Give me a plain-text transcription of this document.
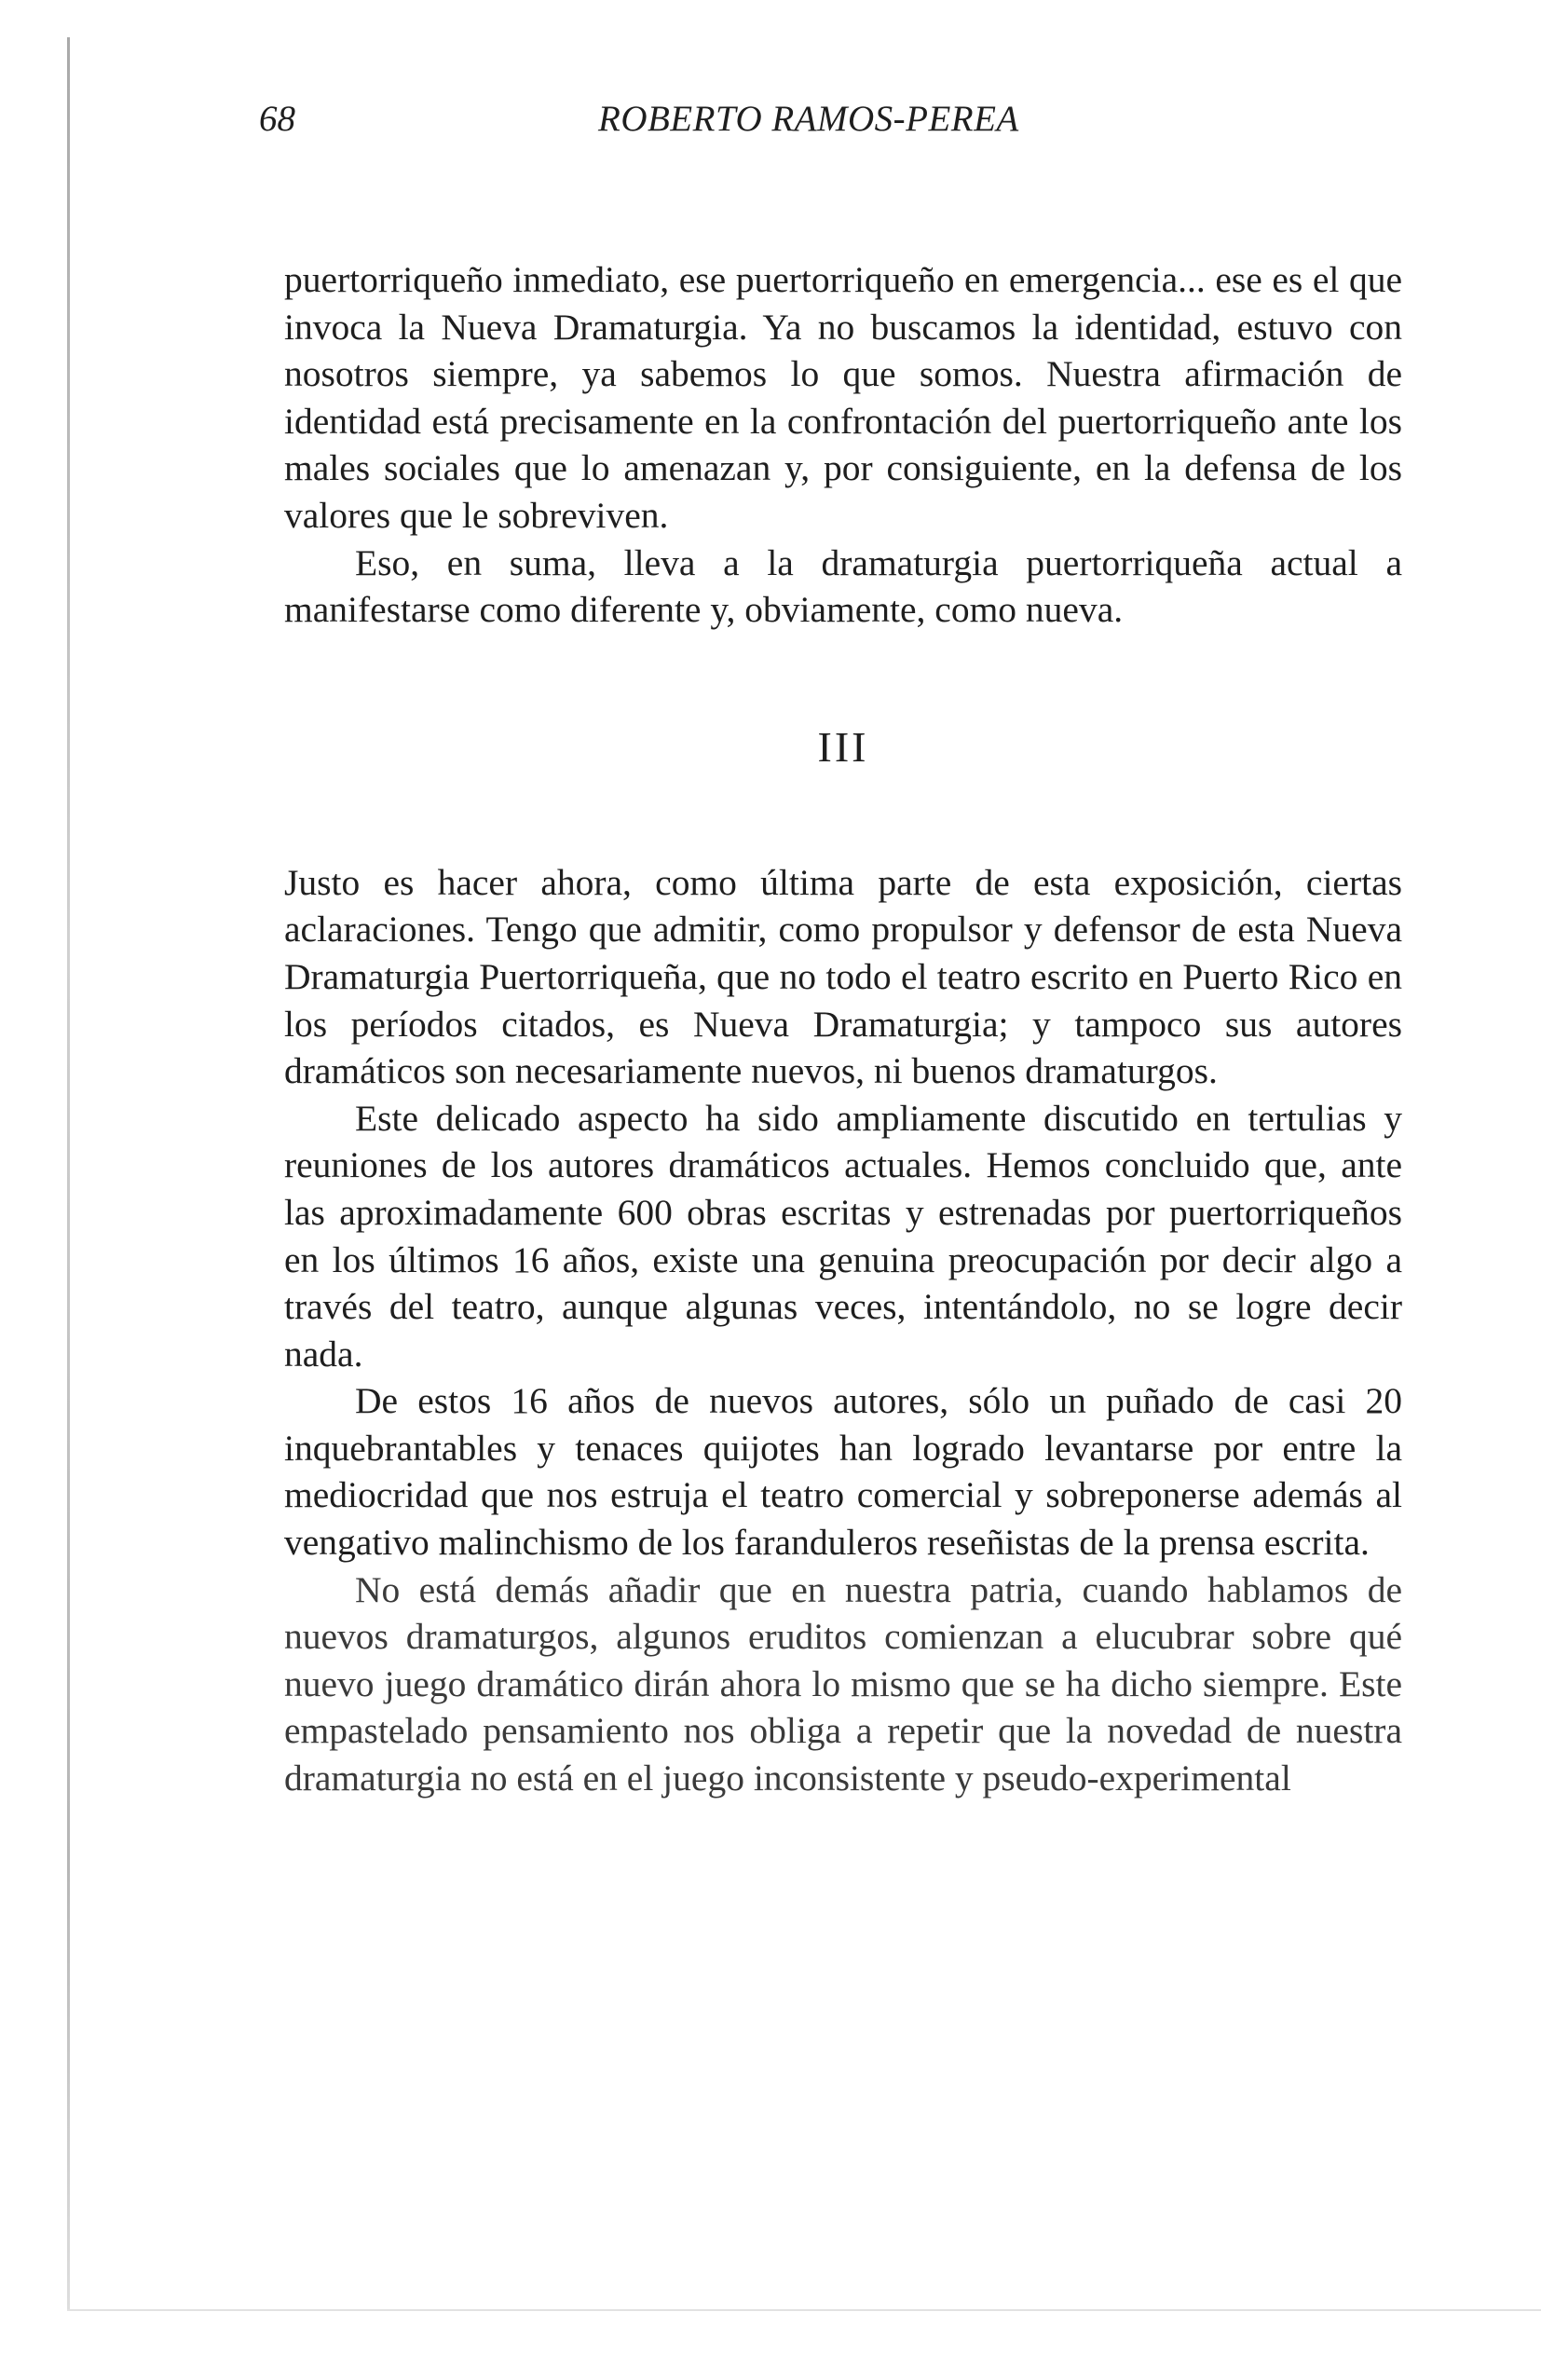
68	ROBERTO RAMOS-PEREA

puertorriqueño inmediato, ese puertorriqueño en emergencia... ese es el que invoca la Nueva Dramaturgia. Ya no buscamos la identidad, estuvo con nosotros siempre, ya sabemos lo que somos. Nuestra afirmación de identidad está precisamente en la confrontación del puertorriqueño ante los males sociales que lo amenazan y, por consiguiente, en la defensa de los valores que le sobreviven.

Eso, en suma, lleva a la dramaturgia puertorriqueña actual a manifestarse como diferente y, obviamente, como nueva.

III

Justo es hacer ahora, como última parte de esta exposición, ciertas aclaraciones. Tengo que admitir, como propulsor y defensor de esta Nueva Dramaturgia Puertorriqueña, que no todo el teatro escrito en Puerto Rico en los períodos citados, es Nueva Dramaturgia; y tampoco sus autores dramáticos son necesariamente nuevos, ni buenos dramaturgos.

Este delicado aspecto ha sido ampliamente discutido en tertulias y reuniones de los autores dramáticos actuales. Hemos concluido que, ante las aproximadamente 600 obras escritas y estrenadas por puertorriqueños en los últimos 16 años, existe una genuina preocupación por decir algo a través del teatro, aunque algunas veces, intentándolo, no se logre decir nada.

De estos 16 años de nuevos autores, sólo un puñado de casi 20 inquebrantables y tenaces quijotes han logrado levantarse por entre la mediocridad que nos estruja el teatro comercial y sobreponerse además al vengativo malinchismo de los faranduleros reseñistas de la prensa escrita.

No está demás añadir que en nuestra patria, cuando hablamos de nuevos dramaturgos, algunos eruditos comienzan a elucubrar sobre qué nuevo juego dramático dirán ahora lo mismo que se ha dicho siempre. Este empastelado pensamiento nos obliga a repetir que la novedad de nuestra dramaturgia no está en el juego inconsistente y pseudo-experimental
